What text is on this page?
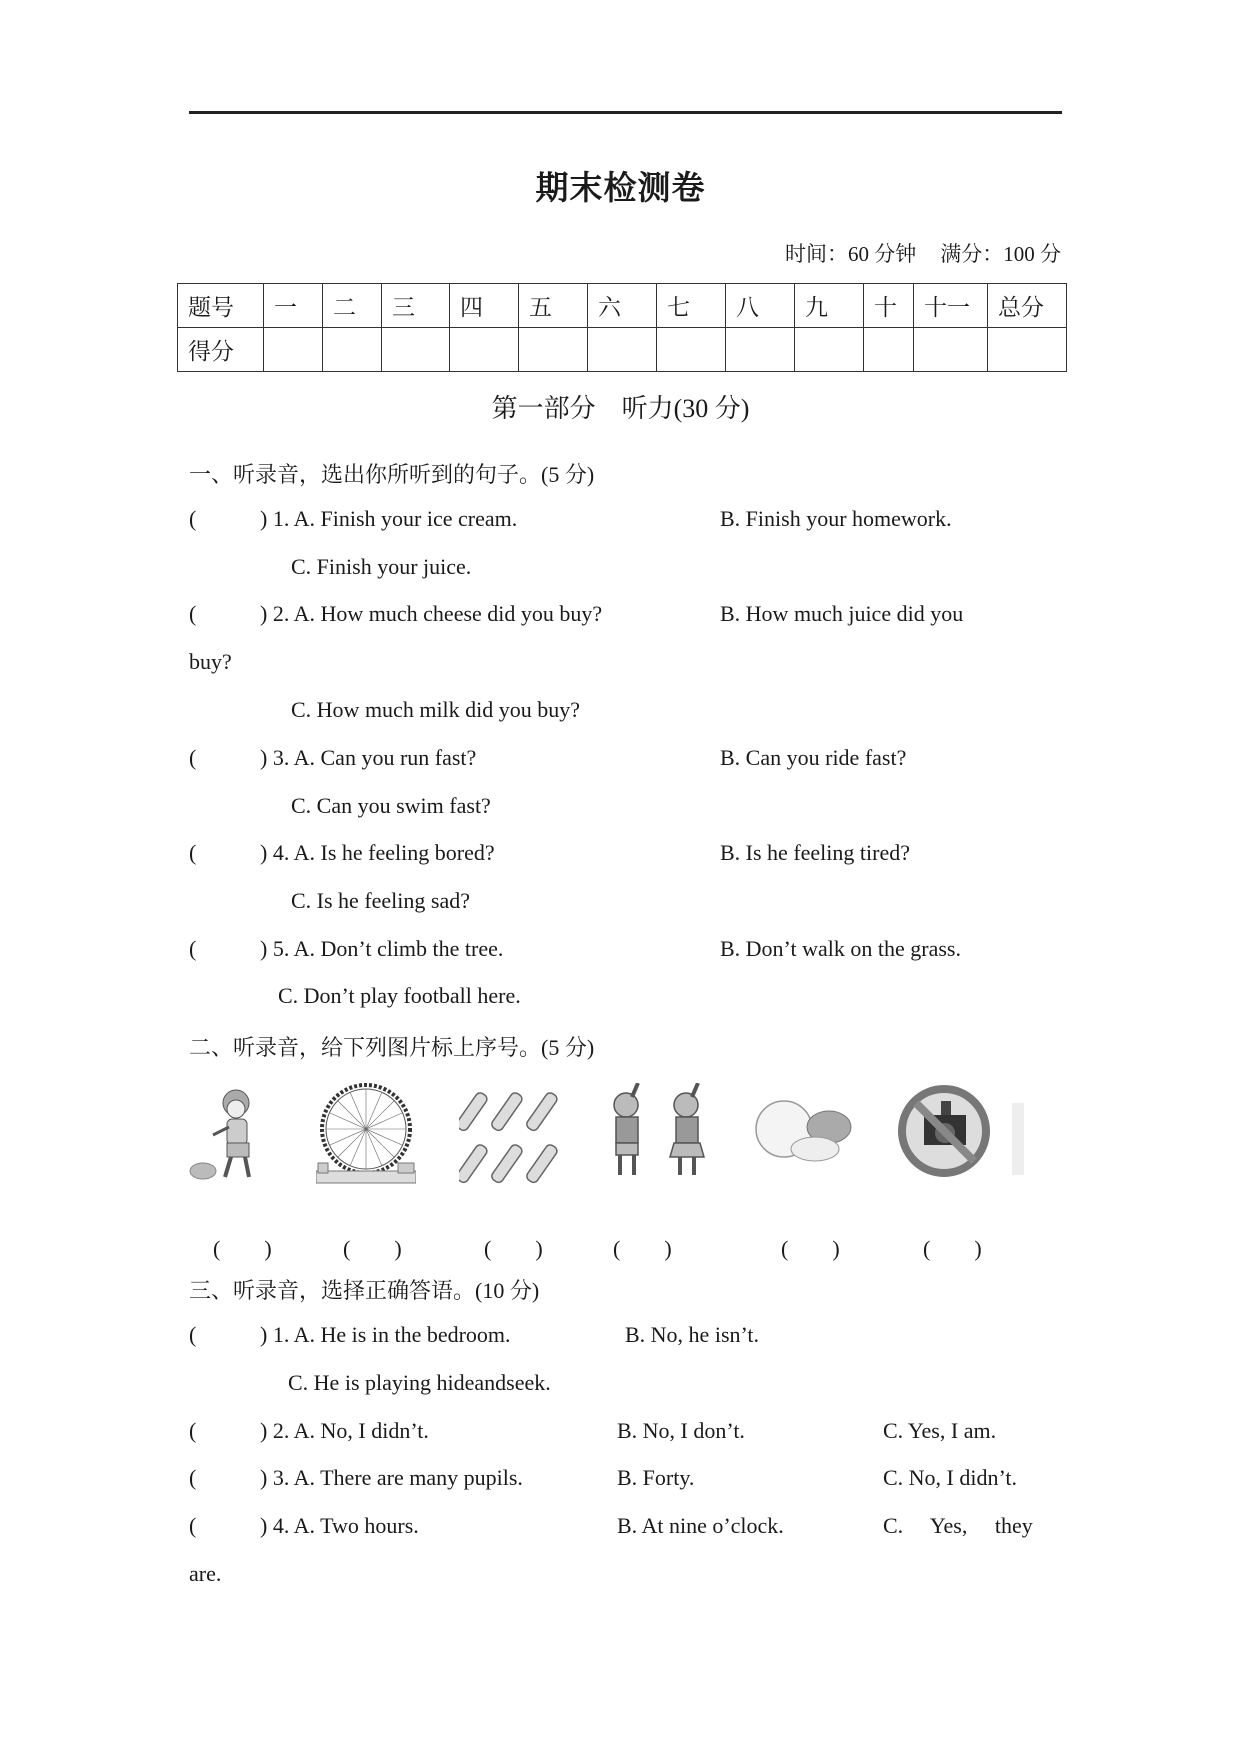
期末检测卷
时间：60 分钟 满分：100 分
题号	一	二	三	四	五	六	七	八	九	十	十一	总分
得分												
第一部分　听力(30 分)
一、听录音，选出你所听到的句子。(5 分)
(	) 1. A. Finish your ice cream.	B. Finish your homework.
C. Finish your juice.
(	) 2. A. How much cheese did you buy?	B. How much juice did you
buy?
C. How much milk did you buy?
(	) 3. A. Can you run fast?	B. Can you ride fast?
C. Can you swim fast?
(	) 4. A. Is he feeling bored?	B. Is he feeling tired?
C. Is he feeling sad?
(	) 5. A. Don’t climb the tree.	B. Don’t walk on the grass.
C. Don’t play football here.
二、听录音，给下列图片标上序号。(5 分)
(　　)	(　　)	(　　)	(　　)	(　　)	(　　)
三、听录音，选择正确答语。(10 分)
(	) 1. A. He is in the bedroom.	B. No, he isn’t.
C. He is playing hideandseek.
(	) 2. A. No, I didn’t.	B. No, I don’t.	C. Yes, I am.
(	) 3. A. There are many pupils.	B. Forty.	C. No, I didn’t.
(	) 4. A. Two hours.	B. At nine o’clock.	C.     Yes,     they
are.
